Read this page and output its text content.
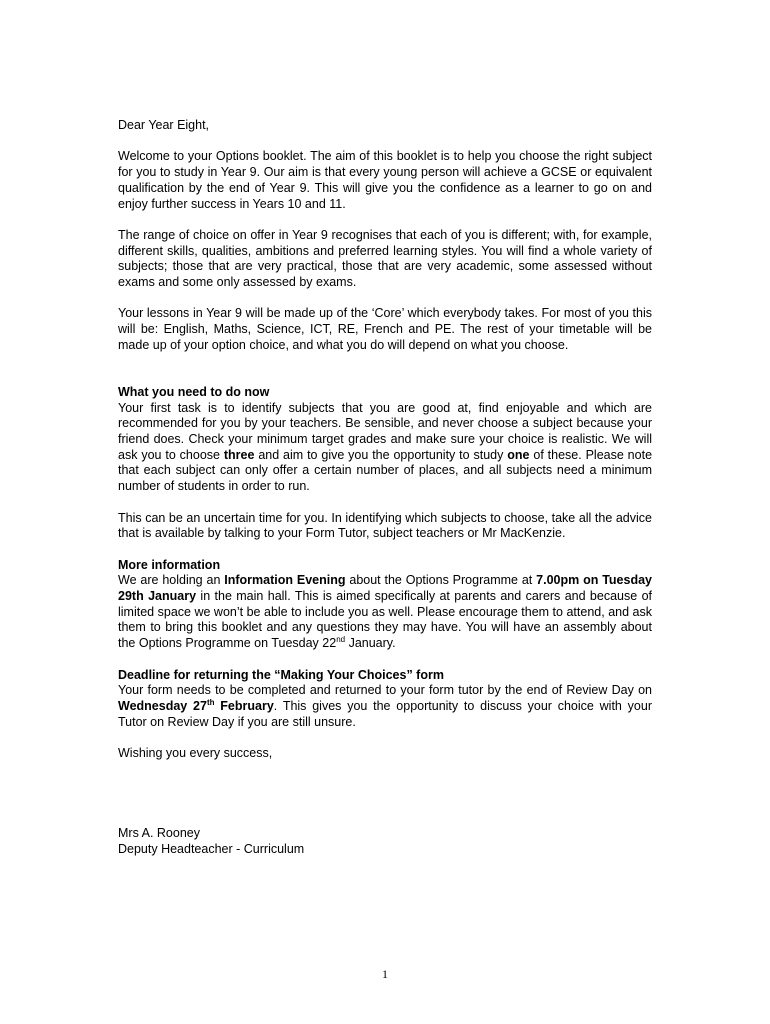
Dear Year Eight,

Welcome to your Options booklet. The aim of this booklet is to help you choose the right subject for you to study in Year 9. Our aim is that every young person will achieve a GCSE or equivalent qualification by the end of Year 9. This will give you the confidence as a learner to go on and enjoy further success in Years 10 and 11.

The range of choice on offer in Year 9 recognises that each of you is different; with, for example, different skills, qualities, ambitions and preferred learning styles. You will find a whole variety of subjects; those that are very practical, those that are very academic, some assessed without exams and some only assessed by exams.

Your lessons in Year 9 will be made up of the ‘Core’ which everybody takes. For most of you this will be: English, Maths, Science, ICT, RE, French and PE. The rest of your timetable will be made up of your option choice, and what you do will depend on what you choose.

What you need to do now
Your first task is to identify subjects that you are good at, find enjoyable and which are recommended for you by your teachers. Be sensible, and never choose a subject because your friend does. Check your minimum target grades and make sure your choice is realistic. We will ask you to choose three and aim to give you the opportunity to study one of these. Please note that each subject can only offer a certain number of places, and all subjects need a minimum number of students in order to run.

This can be an uncertain time for you. In identifying which subjects to choose, take all the advice that is available by talking to your Form Tutor, subject teachers or Mr MacKenzie.

More information
We are holding an Information Evening about the Options Programme at 7.00pm on Tuesday 29th January in the main hall. This is aimed specifically at parents and carers and because of limited space we won’t be able to include you as well. Please encourage them to attend, and ask them to bring this booklet and any questions they may have. You will have an assembly about the Options Programme on Tuesday 22nd January.
Deadline for returning the “Making Your Choices” form
Your form needs to be completed and returned to your form tutor by the end of Review Day on Wednesday 27th February. This gives you the opportunity to discuss your choice with your Tutor on Review Day if you are still unsure.

Wishing you every success,

Mrs A. Rooney
Deputy Headteacher - Curriculum
1
